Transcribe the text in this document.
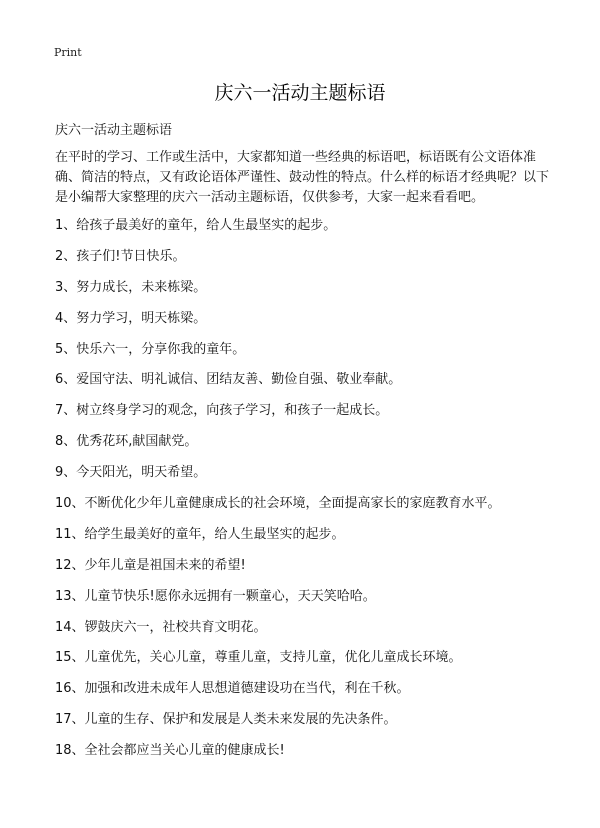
Print
庆六一活动主题标语
庆六一活动主题标语

在平时的学习、工作或生活中，大家都知道一些经典的标语吧，标语既有公文语体准确、简洁的特点，又有政论语体严谨性、鼓动性的特点。什么样的标语才经典呢？以下是小编帮大家整理的庆六一活动主题标语，仅供参考，大家一起来看看吧。

1、给孩子最美好的童年，给人生最坚实的起步。
2、孩子们!节日快乐。
3、努力成长，未来栋梁。
4、努力学习，明天栋梁。
5、快乐六一，分享你我的童年。
6、爱国守法、明礼诚信、团结友善、勤俭自强、敬业奉献。
7、树立终身学习的观念，向孩子学习，和孩子一起成长。
8、优秀花环,献国献党。
9、今天阳光，明天希望。
10、不断优化少年儿童健康成长的社会环境，全面提高家长的家庭教育水平。
11、给学生最美好的童年，给人生最坚实的起步。
12、少年儿童是祖国未来的希望!
13、儿童节快乐!愿你永远拥有一颗童心，天天笑哈哈。
14、锣鼓庆六一，社校共育文明花。
15、儿童优先，关心儿童，尊重儿童，支持儿童，优化儿童成长环境。
16、加强和改进未成年人思想道德建设功在当代，利在千秋。
17、儿童的生存、保护和发展是人类未来发展的先决条件。
18、全社会都应当关心儿童的健康成长!
